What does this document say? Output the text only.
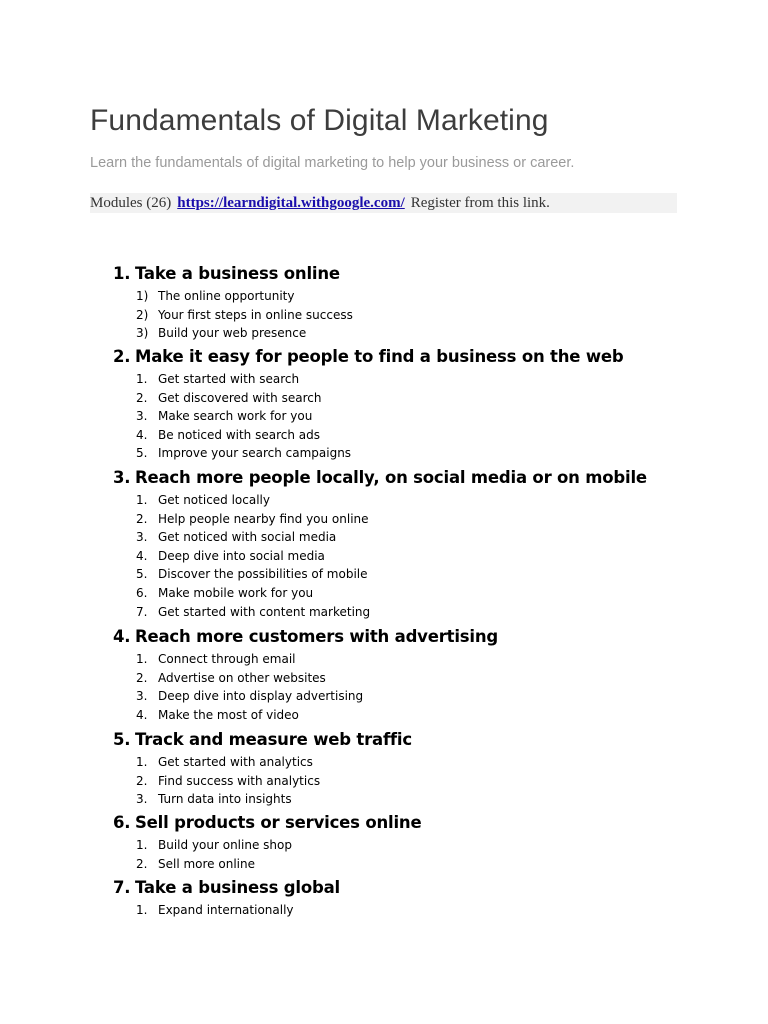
Fundamentals of Digital Marketing

Learn the fundamentals of digital marketing to help your business or career.

Modules (26) https://learndigital.withgoogle.com/ Register from this link.
1. Take a business online
1) The online opportunity
2) Your first steps in online success
3) Build your web presence
2. Make it easy for people to find a business on the web
1. Get started with search
2. Get discovered with search
3. Make search work for you
4. Be noticed with search ads
5. Improve your search campaigns
3. Reach more people locally, on social media or on mobile
1. Get noticed locally
2. Help people nearby find you online
3. Get noticed with social media
4. Deep dive into social media
5. Discover the possibilities of mobile
6. Make mobile work for you
7. Get started with content marketing
4. Reach more customers with advertising
1. Connect through email
2. Advertise on other websites
3. Deep dive into display advertising
4. Make the most of video
5. Track and measure web traffic
1. Get started with analytics
2. Find success with analytics
3. Turn data into insights
6. Sell products or services online
1. Build your online shop
2. Sell more online
7. Take a business global
1. Expand internationally
